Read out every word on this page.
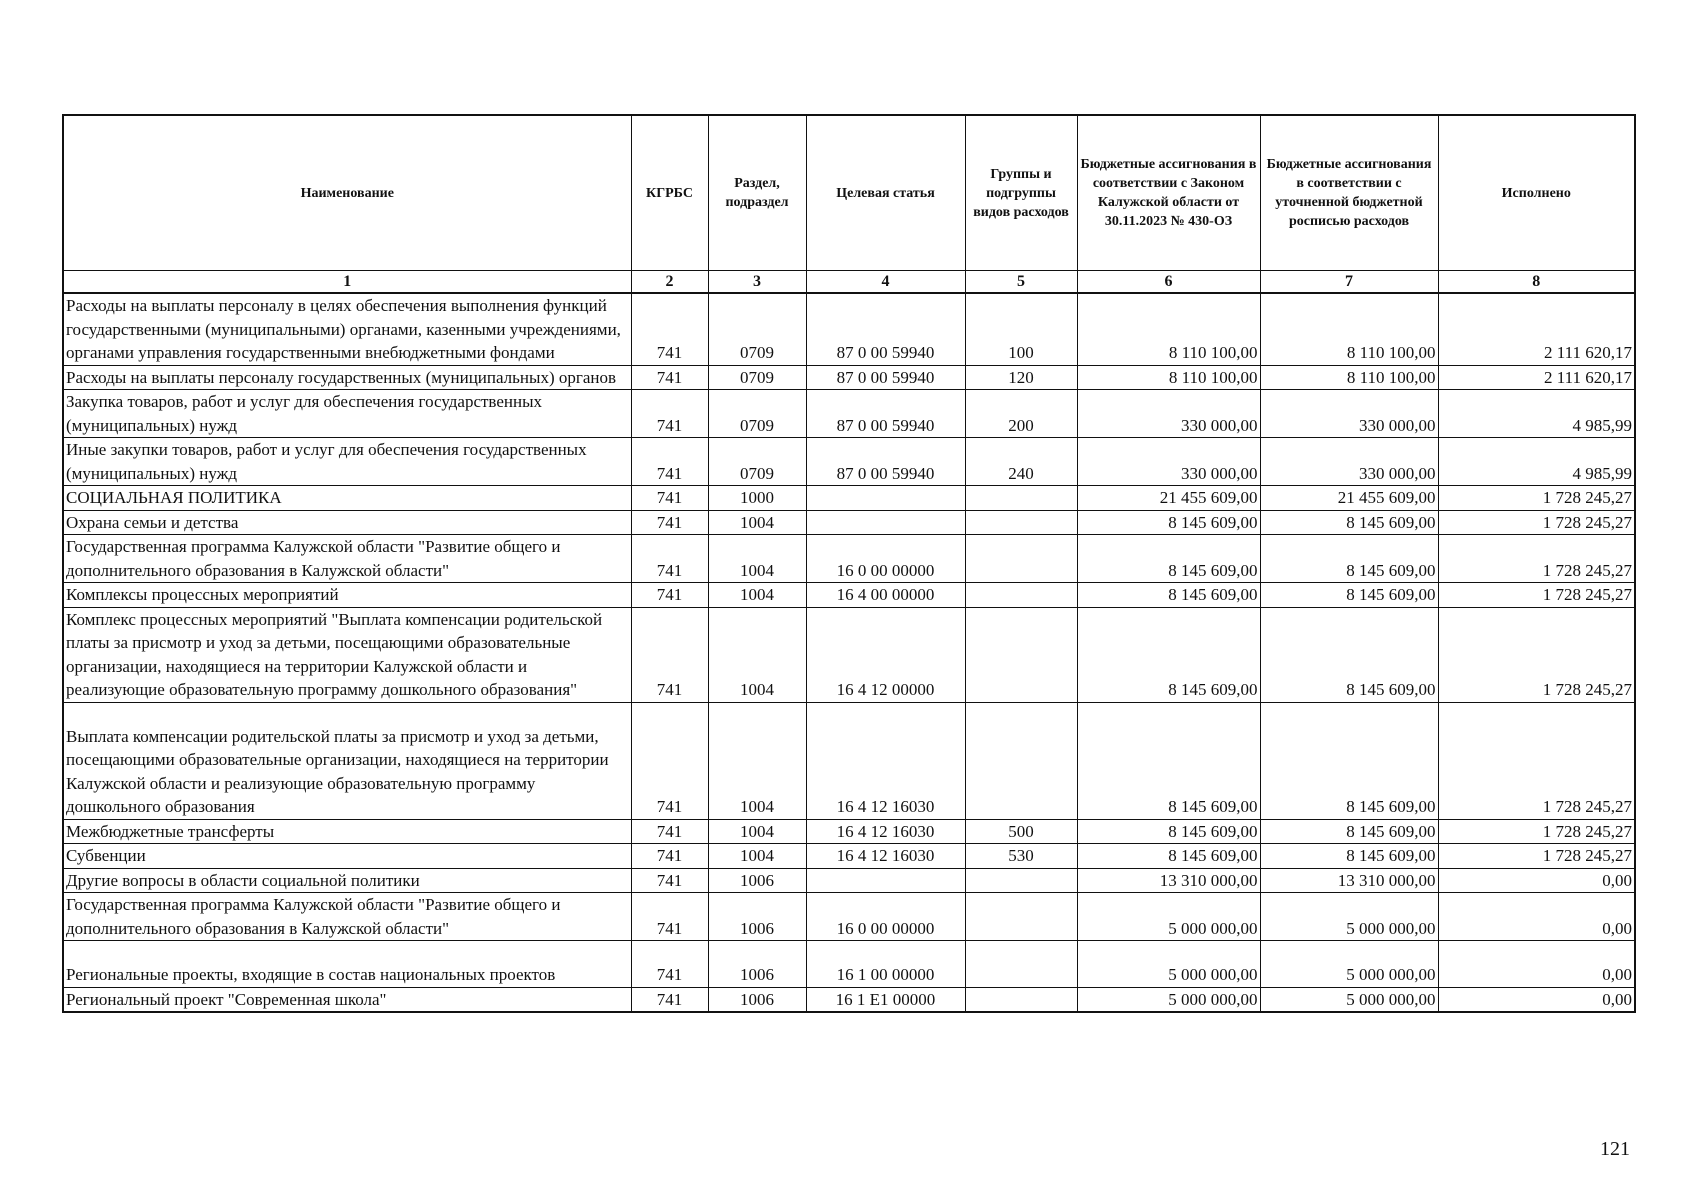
Наименование	КГРБС	Раздел, подраздел	Целевая статья	Группы и подгруппы видов расходов	Бюджетные ассигнования в соответствии с Законом Калужской области от 30.11.2023 № 430-ОЗ	Бюджетные ассигнования в соответствии с уточненной бюджетной росписью расходов	Исполнено
1	2	3	4	5	6	7	8
Расходы на выплаты персоналу в целях обеспечения выполнения функций государственными (муниципальными) органами, казенными учреждениями, органами управления государственными внебюджетными фондами	741	0709	87 0 00 59940	100	8 110 100,00	8 110 100,00	2 111 620,17
Расходы на выплаты персоналу государственных (муниципальных) органов	741	0709	87 0 00 59940	120	8 110 100,00	8 110 100,00	2 111 620,17
Закупка товаров, работ и услуг для обеспечения государственных (муниципальных) нужд	741	0709	87 0 00 59940	200	330 000,00	330 000,00	4 985,99
Иные закупки товаров, работ и услуг для обеспечения государственных (муниципальных) нужд	741	0709	87 0 00 59940	240	330 000,00	330 000,00	4 985,99
СОЦИАЛЬНАЯ ПОЛИТИКА	741	1000			21 455 609,00	21 455 609,00	1 728 245,27
Охрана семьи и детства	741	1004			8 145 609,00	8 145 609,00	1 728 245,27
Государственная программа Калужской области "Развитие общего и дополнительного образования в Калужской области"	741	1004	16 0 00 00000		8 145 609,00	8 145 609,00	1 728 245,27
Комплексы процессных мероприятий	741	1004	16 4 00 00000		8 145 609,00	8 145 609,00	1 728 245,27
Комплекс процессных мероприятий "Выплата компенсации родительской платы за присмотр и уход за детьми, посещающими образовательные организации, находящиеся на территории Калужской области и реализующие образовательную программу дошкольного образования"	741	1004	16 4 12 00000		8 145 609,00	8 145 609,00	1 728 245,27
Выплата компенсации родительской платы за присмотр и уход за детьми, посещающими образовательные организации, находящиеся на территории Калужской области и реализующие образовательную программу дошкольного образования	741	1004	16 4 12 16030		8 145 609,00	8 145 609,00	1 728 245,27
Межбюджетные трансферты	741	1004	16 4 12 16030	500	8 145 609,00	8 145 609,00	1 728 245,27
Субвенции	741	1004	16 4 12 16030	530	8 145 609,00	8 145 609,00	1 728 245,27
Другие вопросы в области социальной политики	741	1006			13 310 000,00	13 310 000,00	0,00
Государственная программа Калужской области "Развитие общего и дополнительного образования в Калужской области"	741	1006	16 0 00 00000		5 000 000,00	5 000 000,00	0,00
Региональные проекты, входящие в состав национальных проектов	741	1006	16 1 00 00000		5 000 000,00	5 000 000,00	0,00
Региональный проект "Современная школа"	741	1006	16 1 E1 00000		5 000 000,00	5 000 000,00	0,00
121
